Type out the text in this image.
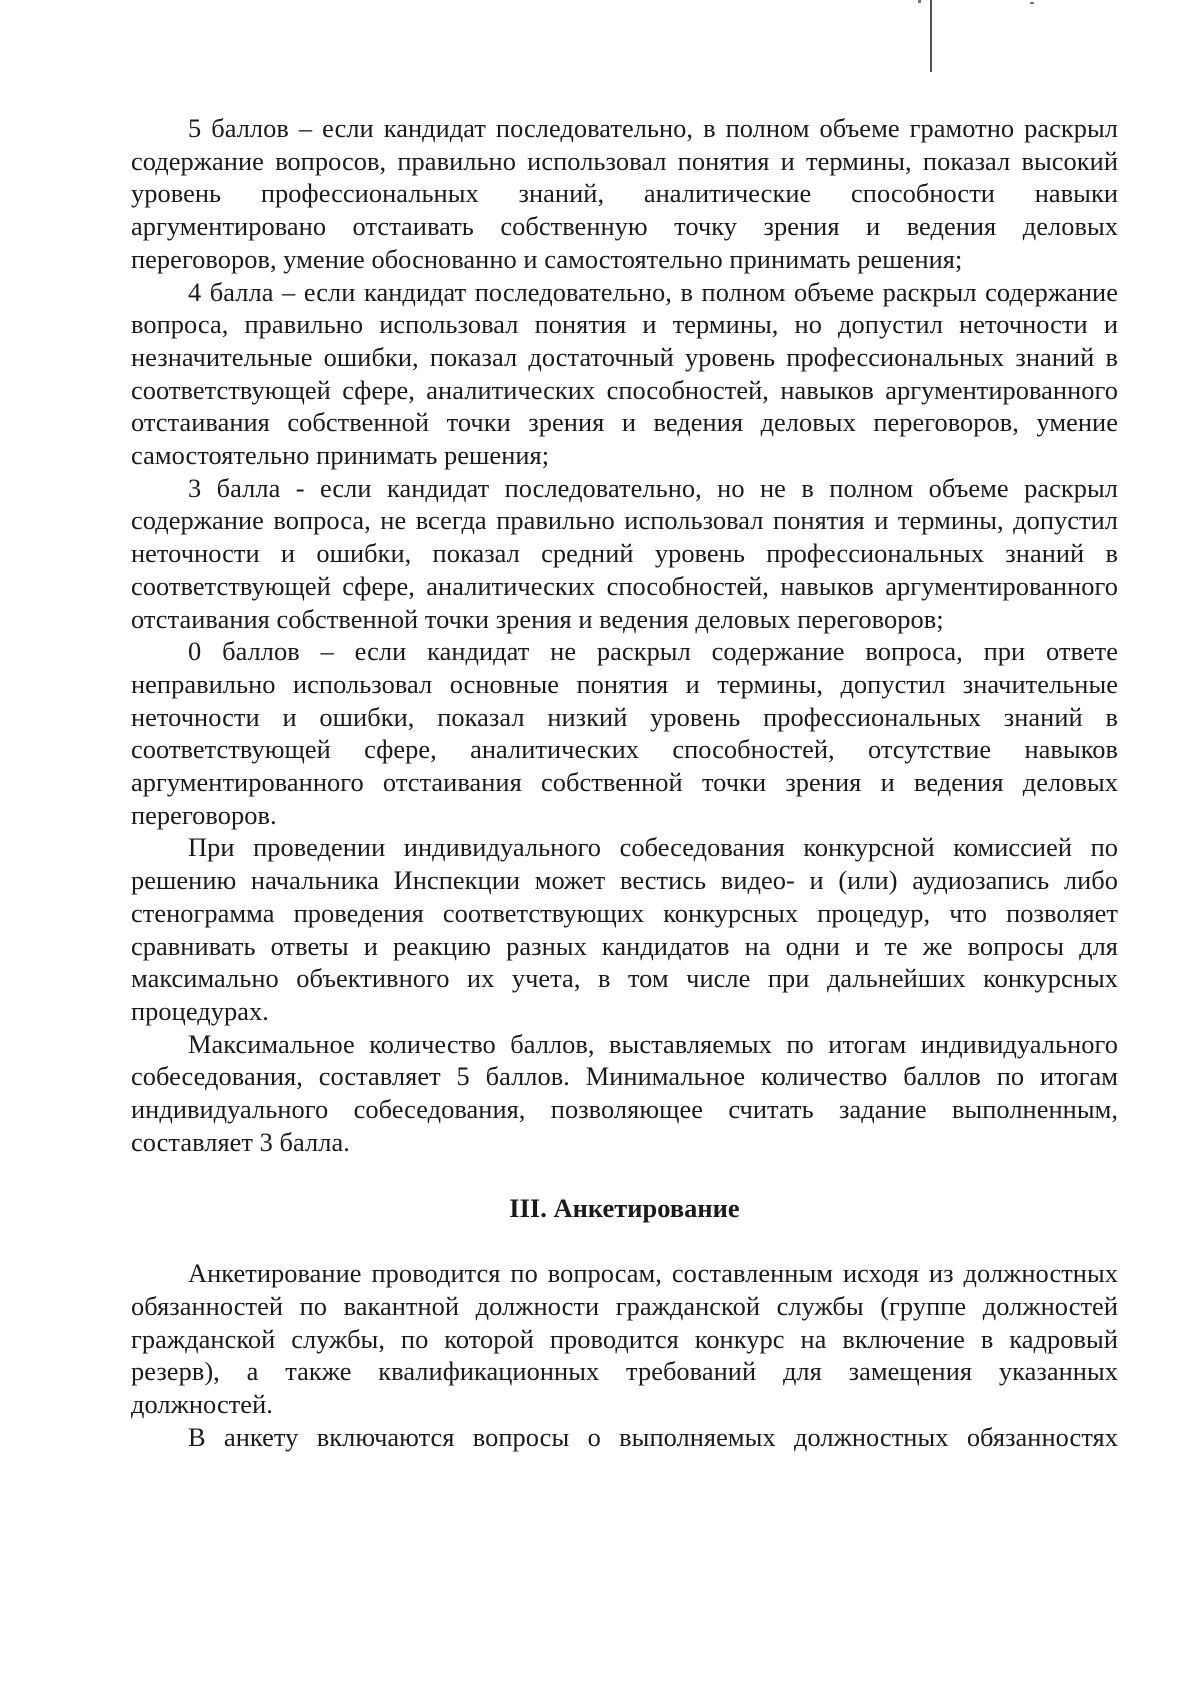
5 баллов – если кандидат последовательно, в полном объеме грамотно раскрыл содержание вопросов, правильно использовал понятия и термины, показал высокий уровень профессиональных знаний, аналитические способности навыки аргументировано отстаивать собственную точку зрения и ведения деловых переговоров, умение обоснованно и самостоятельно принимать решения;

4 балла – если кандидат последовательно, в полном объеме раскрыл содержание вопроса, правильно использовал понятия и термины, но допустил неточности и незначительные ошибки, показал достаточный уровень профессиональных знаний в соответствующей сфере, аналитических способностей, навыков аргументированного отстаивания собственной точки зрения и ведения деловых переговоров, умение самостоятельно принимать решения;

3 балла - если кандидат последовательно, но не в полном объеме раскрыл содержание вопроса, не всегда правильно использовал понятия и термины, допустил неточности и ошибки, показал средний уровень профессиональных знаний в соответствующей сфере, аналитических способностей, навыков аргументированного отстаивания собственной точки зрения и ведения деловых переговоров;

0 баллов – если кандидат не раскрыл содержание вопроса, при ответе неправильно использовал основные понятия и термины, допустил значительные неточности и ошибки, показал низкий уровень профессиональных знаний в соответствующей сфере, аналитических способностей, отсутствие навыков аргументированного отстаивания собственной точки зрения и ведения деловых переговоров.

При проведении индивидуального собеседования конкурсной комиссией по решению начальника Инспекции может вестись видео- и (или) аудиозапись либо стенограмма проведения соответствующих конкурсных процедур, что позволяет сравнивать ответы и реакцию разных кандидатов на одни и те же вопросы для максимально объективного их учета, в том числе при дальнейших конкурсных процедурах.

Максимальное количество баллов, выставляемых по итогам индивидуального собеседования, составляет 5 баллов. Минимальное количество баллов по итогам индивидуального собеседования, позволяющее считать задание выполненным, составляет 3 балла.

III. Анкетирование

Анкетирование проводится по вопросам, составленным исходя из должностных обязанностей по вакантной должности гражданской службы (группе должностей гражданской службы, по которой проводится конкурс на включение в кадровый резерв), а также квалификационных требований для замещения указанных должностей.

В анкету включаются вопросы о выполняемых должностных обязанностях
